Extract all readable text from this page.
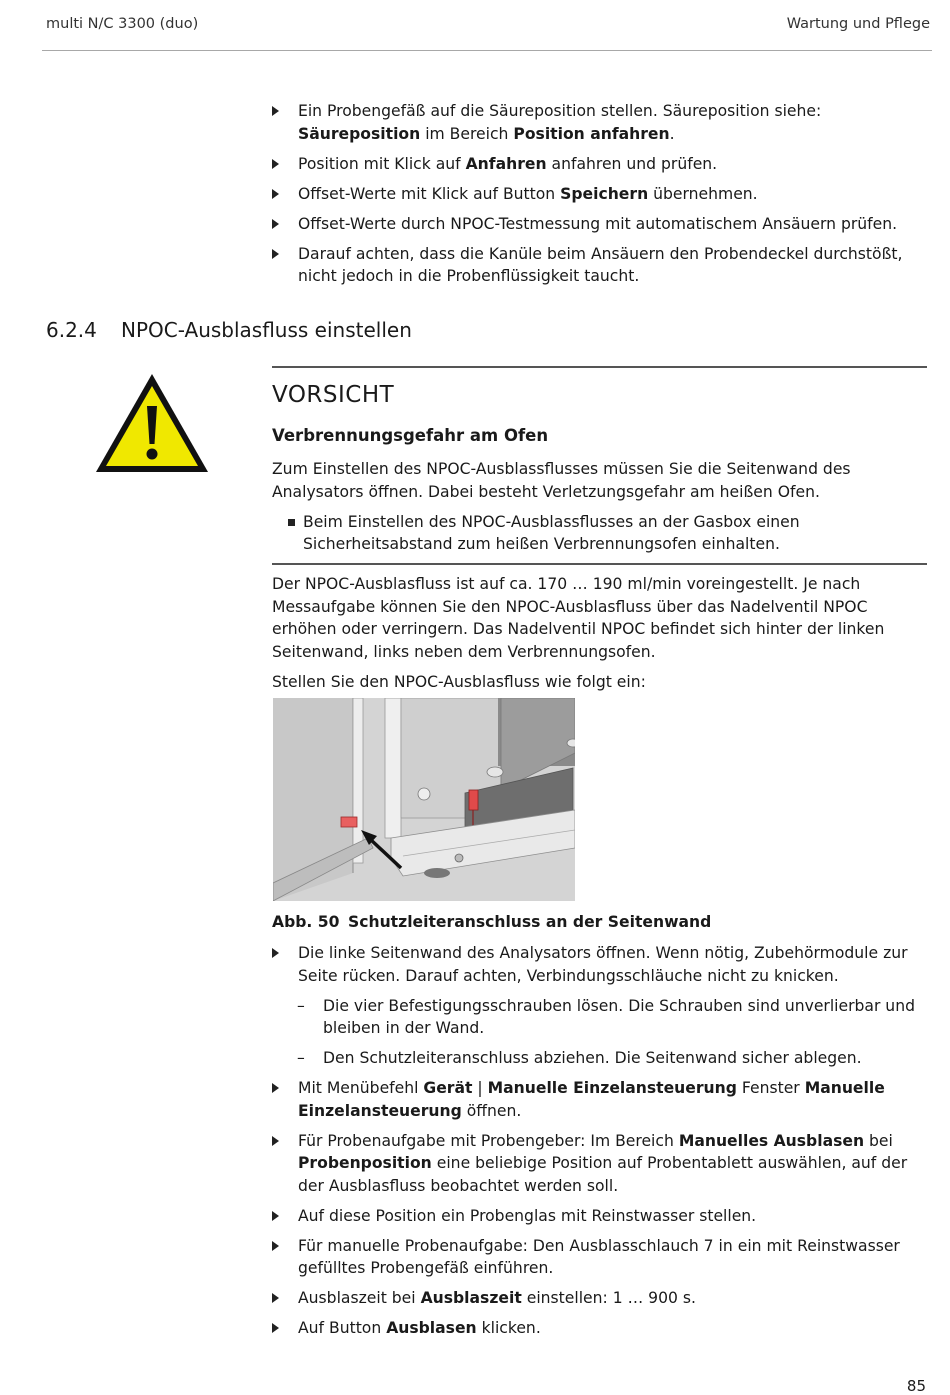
multi N/C 3300 (duo)	Wartung und Pflege
Ein Probengefäß auf die Säureposition stellen. Säureposition siehe: Säureposition im Bereich Position anfahren.
Position mit Klick auf Anfahren anfahren und prüfen.
Offset-Werte mit Klick auf Button Speichern übernehmen.
Offset-Werte durch NPOC-Testmessung mit automatischem Ansäuern prüfen.
Darauf achten, dass die Kanüle beim Ansäuern den Probendeckel durchstößt, nicht jedoch in die Probenflüssigkeit taucht.
6.2.4 NPOC-Ausblasfluss einstellen
VORSICHT
Verbrennungsgefahr am Ofen

Zum Einstellen des NPOC-Ausblassflusses müssen Sie die Seitenwand des Analysators öffnen. Dabei besteht Verletzungsgefahr am heißen Ofen.

Beim Einstellen des NPOC-Ausblassflusses an der Gasbox einen Sicherheitsabstand zum heißen Verbrennungsofen einhalten.

Der NPOC-Ausblasfluss ist auf ca. 170 … 190 ml/min voreingestellt. Je nach Messaufgabe können Sie den NPOC-Ausblasfluss über das Nadelventil NPOC erhöhen oder verringern. Das Nadelventil NPOC befindet sich hinter der linken Seitenwand, links neben dem Verbrennungsofen.

Stellen Sie den NPOC-Ausblasfluss wie folgt ein:

Abb. 50 Schutzleiteranschluss an der Seitenwand
Die linke Seitenwand des Analysators öffnen. Wenn nötig, Zubehörmodule zur Seite rücken. Darauf achten, Verbindungsschläuche nicht zu knicken.
– Die vier Befestigungsschrauben lösen. Die Schrauben sind unverlierbar und bleiben in der Wand.
– Den Schutzleiteranschluss abziehen. Die Seitenwand sicher ablegen.
Mit Menübefehl Gerät | Manuelle Einzelansteuerung Fenster Manuelle Einzelansteuerung öffnen.
Für Probenaufgabe mit Probengeber: Im Bereich Manuelles Ausblasen bei Probenposition eine beliebige Position auf Probentablett auswählen, auf der der Ausblasfluss beobachtet werden soll.
Auf diese Position ein Probenglas mit Reinstwasser stellen.
Für manuelle Probenaufgabe: Den Ausblasschlauch 7 in ein mit Reinstwasser gefülltes Probengefäß einführen.
Ausblaszeit bei Ausblaszeit einstellen: 1 … 900 s.
Auf Button Ausblasen klicken.
85
